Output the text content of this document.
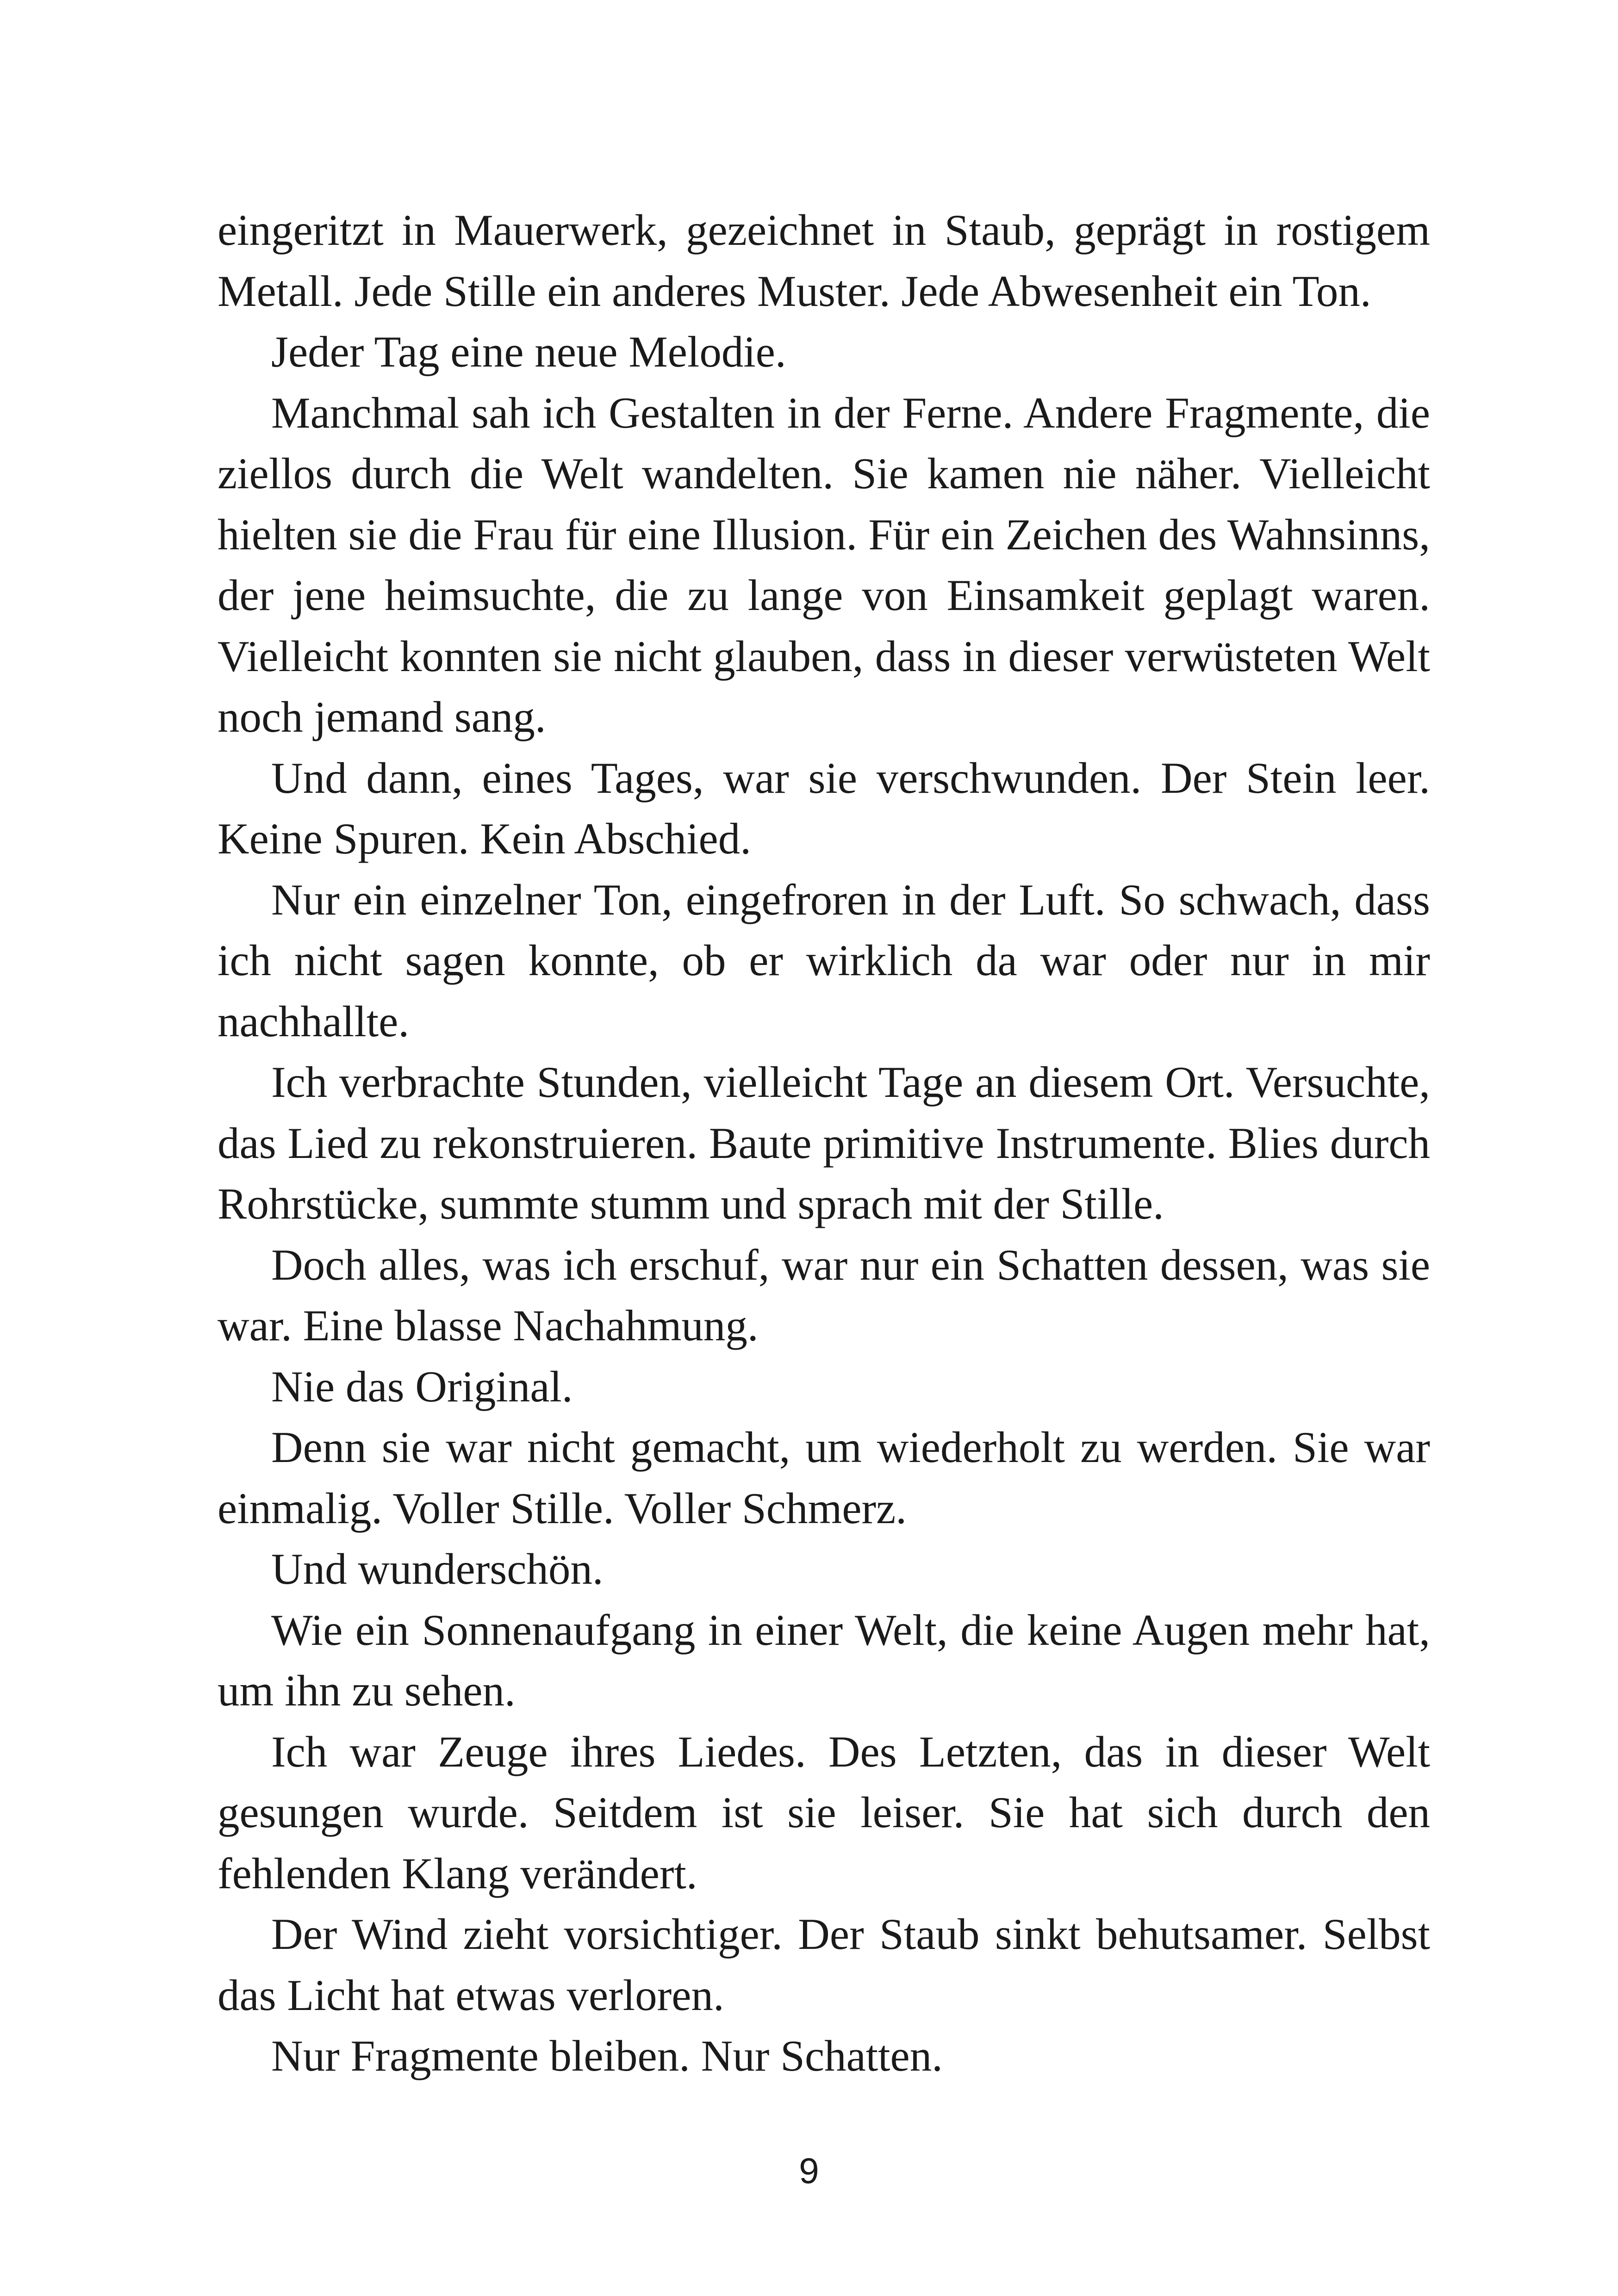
eingeritzt in Mauerwerk, gezeichnet in Staub, geprägt in rostigem Metall. Jede Stille ein anderes Muster. Jede Abwesenheit ein Ton.

Jeder Tag eine neue Melodie.

Manchmal sah ich Gestalten in der Ferne. Andere Fragmente, die ziellos durch die Welt wandelten. Sie kamen nie näher. Vielleicht hielten sie die Frau für eine Illusion. Für ein Zeichen des Wahnsinns, der jene heimsuchte, die zu lange von Einsamkeit geplagt waren. Vielleicht konnten sie nicht glauben, dass in dieser verwüsteten Welt noch jemand sang.

Und dann, eines Tages, war sie verschwunden. Der Stein leer. Keine Spuren. Kein Abschied.

Nur ein einzelner Ton, eingefroren in der Luft. So schwach, dass ich nicht sagen konnte, ob er wirklich da war oder nur in mir nachhallte.

Ich verbrachte Stunden, vielleicht Tage an diesem Ort. Versuchte, das Lied zu rekonstruieren. Baute primitive Instrumente. Blies durch Rohrstücke, summte stumm und sprach mit der Stille.

Doch alles, was ich erschuf, war nur ein Schatten dessen, was sie war. Eine blasse Nachahmung.

Nie das Original.

Denn sie war nicht gemacht, um wiederholt zu werden. Sie war einmalig. Voller Stille. Voller Schmerz.

Und wunderschön.

Wie ein Sonnenaufgang in einer Welt, die keine Augen mehr hat, um ihn zu sehen.

Ich war Zeuge ihres Liedes. Des Letzten, das in dieser Welt gesungen wurde. Seitdem ist sie leiser. Sie hat sich durch den fehlenden Klang verändert.

Der Wind zieht vorsichtiger. Der Staub sinkt behutsamer. Selbst das Licht hat etwas verloren.

Nur Fragmente bleiben. Nur Schatten.

9
